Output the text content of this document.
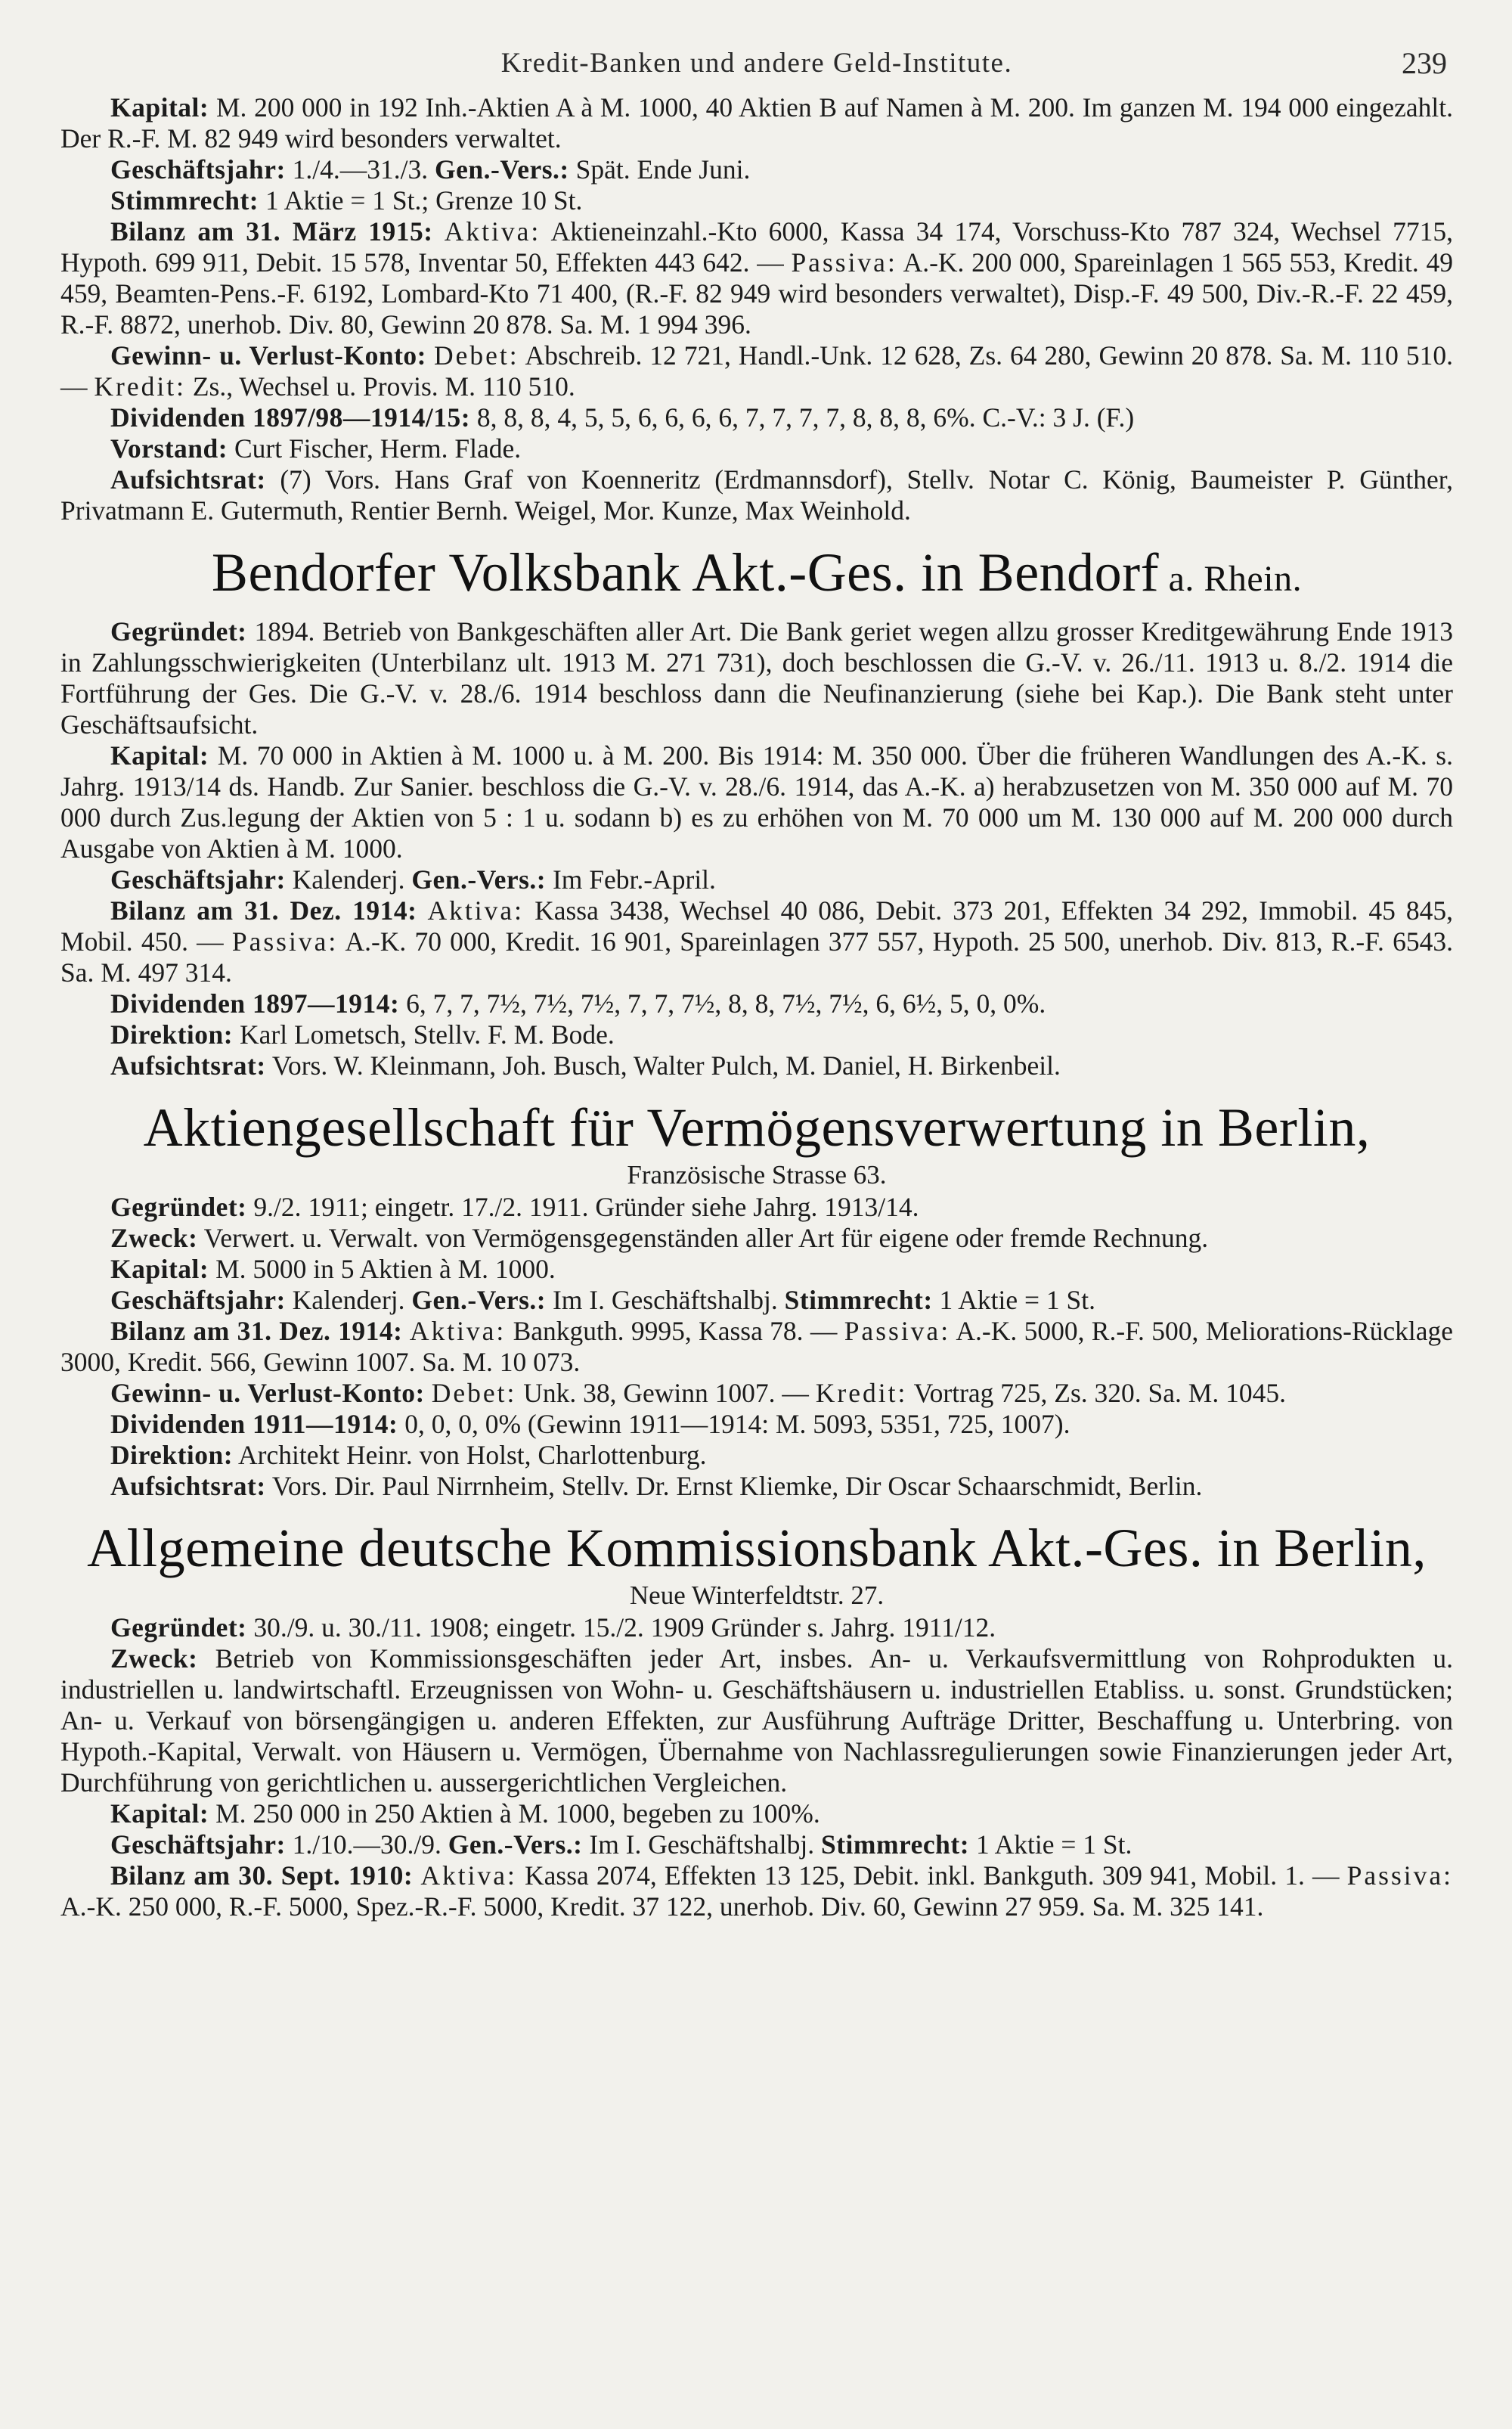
Kredit-Banken und andere Geld-Institute.	239

Kapital: M. 200 000 in 192 Inh.-Aktien A à M. 1000, 40 Aktien B auf Namen à M. 200. Im ganzen M. 194 000 eingezahlt. Der R.-F. M. 82 949 wird besonders verwaltet.

Geschäftsjahr: 1./4.—31./3. Gen.-Vers.: Spät. Ende Juni.

Stimmrecht: 1 Aktie = 1 St.; Grenze 10 St.

Bilanz am 31. März 1915: Aktiva: Aktieneinzahl.-Kto 6000, Kassa 34 174, Vorschuss-Kto 787 324, Wechsel 7715, Hypoth. 699 911, Debit. 15 578, Inventar 50, Effekten 443 642. — Passiva: A.-K. 200 000, Spareinlagen 1 565 553, Kredit. 49 459, Beamten-Pens.-F. 6192, Lombard-Kto 71 400, (R.-F. 82 949 wird besonders verwaltet), Disp.-F. 49 500, Div.-R.-F. 22 459, R.-F. 8872, unerhob. Div. 80, Gewinn 20 878. Sa. M. 1 994 396.

Gewinn- u. Verlust-Konto: Debet: Abschreib. 12 721, Handl.-Unk. 12 628, Zs. 64 280, Gewinn 20 878. Sa. M. 110 510. — Kredit: Zs., Wechsel u. Provis. M. 110 510.

Dividenden 1897/98—1914/15: 8, 8, 8, 4, 5, 5, 6, 6, 6, 6, 7, 7, 7, 7, 8, 8, 8, 6%. C.-V.: 3 J. (F.)

Vorstand: Curt Fischer, Herm. Flade.

Aufsichtsrat: (7) Vors. Hans Graf von Koenneritz (Erdmannsdorf), Stellv. Notar C. König, Baumeister P. Günther, Privatmann E. Gutermuth, Rentier Bernh. Weigel, Mor. Kunze, Max Weinhold.

Bendorfer Volksbank Akt.-Ges. in Bendorf a. Rhein.

Gegründet: 1894. Betrieb von Bankgeschäften aller Art. Die Bank geriet wegen allzu grosser Kreditgewährung Ende 1913 in Zahlungsschwierigkeiten (Unterbilanz ult. 1913 M. 271 731), doch beschlossen die G.-V. v. 26./11. 1913 u. 8./2. 1914 die Fortführung der Ges. Die G.-V. v. 28./6. 1914 beschloss dann die Neufinanzierung (siehe bei Kap.). Die Bank steht unter Geschäftsaufsicht.

Kapital: M. 70 000 in Aktien à M. 1000 u. à M. 200. Bis 1914: M. 350 000. Über die früheren Wandlungen des A.-K. s. Jahrg. 1913/14 ds. Handb. Zur Sanier. beschloss die G.-V. v. 28./6. 1914, das A.-K. a) herabzusetzen von M. 350 000 auf M. 70 000 durch Zus.legung der Aktien von 5 : 1 u. sodann b) es zu erhöhen von M. 70 000 um M. 130 000 auf M. 200 000 durch Ausgabe von Aktien à M. 1000.

Geschäftsjahr: Kalenderj. Gen.-Vers.: Im Febr.-April.

Bilanz am 31. Dez. 1914: Aktiva: Kassa 3438, Wechsel 40 086, Debit. 373 201, Effekten 34 292, Immobil. 45 845, Mobil. 450. — Passiva: A.-K. 70 000, Kredit. 16 901, Spareinlagen 377 557, Hypoth. 25 500, unerhob. Div. 813, R.-F. 6543. Sa. M. 497 314.

Dividenden 1897—1914: 6, 7, 7, 7½, 7½, 7½, 7, 7, 7½, 8, 8, 7½, 7½, 6, 6½, 5, 0, 0%.

Direktion: Karl Lometsch, Stellv. F. M. Bode.

Aufsichtsrat: Vors. W. Kleinmann, Joh. Busch, Walter Pulch, M. Daniel, H. Birkenbeil.

Aktiengesellschaft für Vermögensverwertung in Berlin,
Französische Strasse 63.

Gegründet: 9./2. 1911; eingetr. 17./2. 1911. Gründer siehe Jahrg. 1913/14.

Zweck: Verwert. u. Verwalt. von Vermögensgegenständen aller Art für eigene oder fremde Rechnung.

Kapital: M. 5000 in 5 Aktien à M. 1000.

Geschäftsjahr: Kalenderj. Gen.-Vers.: Im I. Geschäftshalbj. Stimmrecht: 1 Aktie = 1 St.

Bilanz am 31. Dez. 1914: Aktiva: Bankguth. 9995, Kassa 78. — Passiva: A.-K. 5000, R.-F. 500, Meliorations-Rücklage 3000, Kredit. 566, Gewinn 1007. Sa. M. 10 073.

Gewinn- u. Verlust-Konto: Debet: Unk. 38, Gewinn 1007. — Kredit: Vortrag 725, Zs. 320. Sa. M. 1045.

Dividenden 1911—1914: 0, 0, 0, 0% (Gewinn 1911—1914: M. 5093, 5351, 725, 1007).

Direktion: Architekt Heinr. von Holst, Charlottenburg.

Aufsichtsrat: Vors. Dir. Paul Nirrnheim, Stellv. Dr. Ernst Kliemke, Dir Oscar Schaarschmidt, Berlin.

Allgemeine deutsche Kommissionsbank Akt.-Ges. in Berlin,
Neue Winterfeldtstr. 27.

Gegründet: 30./9. u. 30./11. 1908; eingetr. 15./2. 1909 Gründer s. Jahrg. 1911/12.

Zweck: Betrieb von Kommissionsgeschäften jeder Art, insbes. An- u. Verkaufsvermittlung von Rohprodukten u. industriellen u. landwirtschaftl. Erzeugnissen von Wohn- u. Geschäftshäusern u. industriellen Etabliss. u. sonst. Grundstücken; An- u. Verkauf von börsengängigen u. anderen Effekten, zur Ausführung Aufträge Dritter, Beschaffung u. Unterbring. von Hypoth.-Kapital, Verwalt. von Häusern u. Vermögen, Übernahme von Nachlassregulierungen sowie Finanzierungen jeder Art, Durchführung von gerichtlichen u. aussergerichtlichen Vergleichen.

Kapital: M. 250 000 in 250 Aktien à M. 1000, begeben zu 100%.

Geschäftsjahr: 1./10.—30./9. Gen.-Vers.: Im I. Geschäftshalbj. Stimmrecht: 1 Aktie = 1 St.

Bilanz am 30. Sept. 1910: Aktiva: Kassa 2074, Effekten 13 125, Debit. inkl. Bankguth. 309 941, Mobil. 1. — Passiva: A.-K. 250 000, R.-F. 5000, Spez.-R.-F. 5000, Kredit. 37 122, unerhob. Div. 60, Gewinn 27 959. Sa. M. 325 141.
